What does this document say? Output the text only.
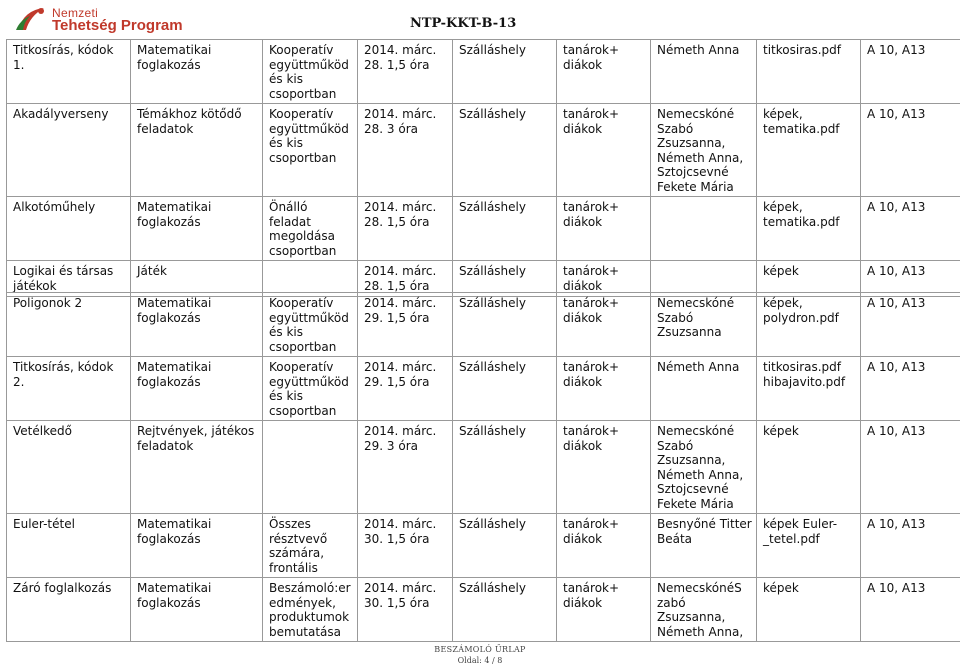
Nemzeti
Tehetség Program	NTP-KKT-B-13
Titkosírás, kódok 1.	Matematikai foglakozás	Kooperatív együttműköd és kis csoportban	2014. márc. 28. 1,5 óra	Szálláshely	tanárok+ diákok	Németh Anna	titkosiras.pdf	A 10, A13
Akadályverseny	Témákhoz kötődő feladatok	Kooperatív együttműköd és kis csoportban	2014. márc. 28. 3 óra	Szálláshely	tanárok+ diákok	Nemecskóné Szabó Zsuzsanna, Németh Anna, Sztojcsevné Fekete Mária	képek, tematika.pdf	A 10, A13
Alkotóműhely	Matematikai foglakozás	Önálló feladat megoldása csoportban	2014. márc. 28. 1,5 óra	Szálláshely	tanárok+ diákok		képek, tematika.pdf	A 10, A13
Logikai és társas játékok	Játék		2014. márc. 28. 1,5 óra	Szálláshely	tanárok+ diákok		képek	A 10, A13
Poligonok 2	Matematikai foglakozás	Kooperatív együttműköd és kis csoportban	2014. márc. 29. 1,5 óra	Szálláshely	tanárok+ diákok	Nemecskóné Szabó Zsuzsanna	képek, polydron.pdf	A 10, A13
Titkosírás, kódok 2.	Matematikai foglakozás	Kooperatív együttműköd és kis csoportban	2014. márc. 29. 1,5 óra	Szálláshely	tanárok+ diákok	Németh Anna	titkosiras.pdf hibajavito.pdf	A 10, A13
Vetélkedő	Rejtvények, játékos feladatok		2014. márc. 29. 3 óra	Szálláshely	tanárok+ diákok	Nemecskóné Szabó Zsuzsanna, Németh Anna, Sztojcsevné Fekete Mária	képek	A 10, A13
Euler-tétel	Matematikai foglakozás	Összes résztvevő számára, frontális	2014. márc. 30. 1,5 óra	Szálláshely	tanárok+ diákok	Besnyőné Titter Beáta	képek Euler-_tetel.pdf	A 10, A13
Záró foglalkozás	Matematikai foglakozás	Beszámoló:er edmények, produktumok bemutatása	2014. márc. 30. 1,5 óra	Szálláshely	tanárok+ diákok	NemecskónéS zabó Zsuzsanna, Németh Anna,	képek	A 10, A13
BESZÁMOLÓ ŰRLAP
Oldal: 4 / 8
